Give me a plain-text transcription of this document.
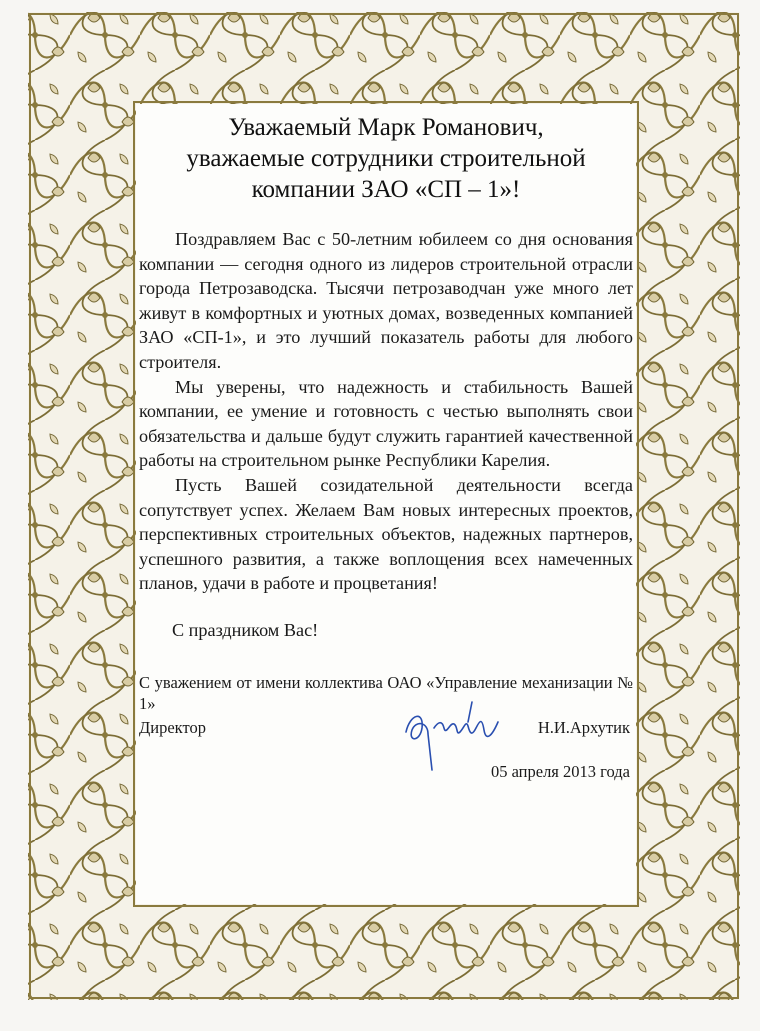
Уважаемый Марк Романович,
уважаемые сотрудники строительной
компании ЗАО «СП – 1»!

Поздравляем Вас с 50-летним юбилеем со дня основания компании — сегодня одного из лидеров строительной отрасли города Петрозаводска. Тысячи петрозаводчан уже много лет живут в комфортных и уютных домах, возведенных компанией ЗАО «СП-1», и это лучший показатель работы для любого строителя.

Мы уверены, что надежность и стабильность Вашей компании, ее умение и готовность с честью выполнять свои обязательства и дальше будут служить гарантией качественной работы на строительном рынке Республики Карелия.

Пусть Вашей созидательной деятельности всегда сопутствует успех. Желаем Вам новых интересных проектов, перспективных строительных объектов, надежных партнеров, успешного развития, а также воплощения всех намеченных планов, удачи в работе и процветания!

С праздником Вас!

С уважением от имени коллектива ОАО «Управление механизации № 1»

Директор	Н.И.Архутик
05 апреля 2013 года
